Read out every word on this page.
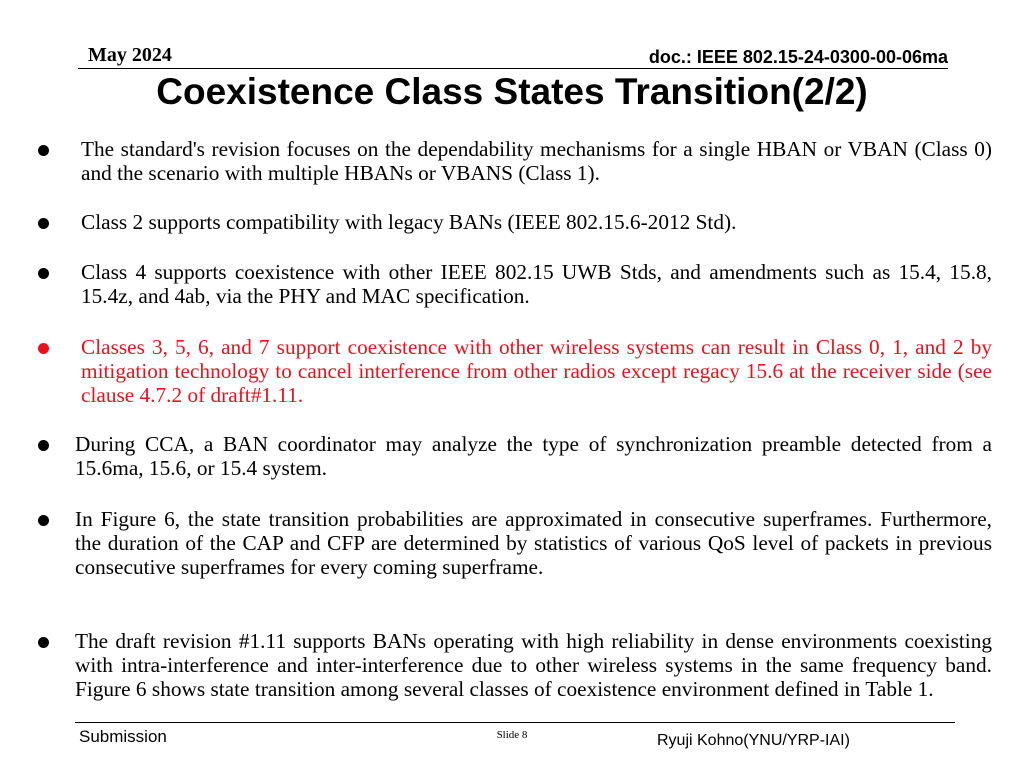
May 2024	doc.: IEEE 802.15-24-0300-00-06ma
Coexistence Class States Transition(2/2)
The standard's revision focuses on the dependability mechanisms for a single HBAN or VBAN (Class 0) and the scenario with multiple HBANs or VBANS (Class 1).
Class 2 supports compatibility with legacy BANs (IEEE 802.15.6-2012 Std).
Class 4 supports coexistence with other IEEE 802.15 UWB Stds, and amendments such as 15.4, 15.8, 15.4z, and 4ab, via the PHY and MAC specification.
Classes 3, 5, 6, and 7 support coexistence with other wireless systems can result in Class 0, 1, and 2 by mitigation technology to cancel interference from other radios except regacy 15.6 at the receiver side (see clause 4.7.2 of draft#1.11.
During CCA, a BAN coordinator may analyze the type of synchronization preamble detected from a 15.6ma, 15.6, or 15.4 system.
In Figure 6, the state transition probabilities are approximated in consecutive superframes. Furthermore, the duration of the CAP and CFP are determined by statistics of various QoS level of packets in previous consecutive superframes for every coming superframe.
The draft revision #1.11 supports BANs operating with high reliability in dense environments coexisting with intra-interference and inter-interference due to other wireless systems in the same frequency band. Figure 6 shows state transition among several classes of coexistence environment defined in Table 1.
Submission	Slide 8	Ryuji Kohno(YNU/YRP-IAI)
